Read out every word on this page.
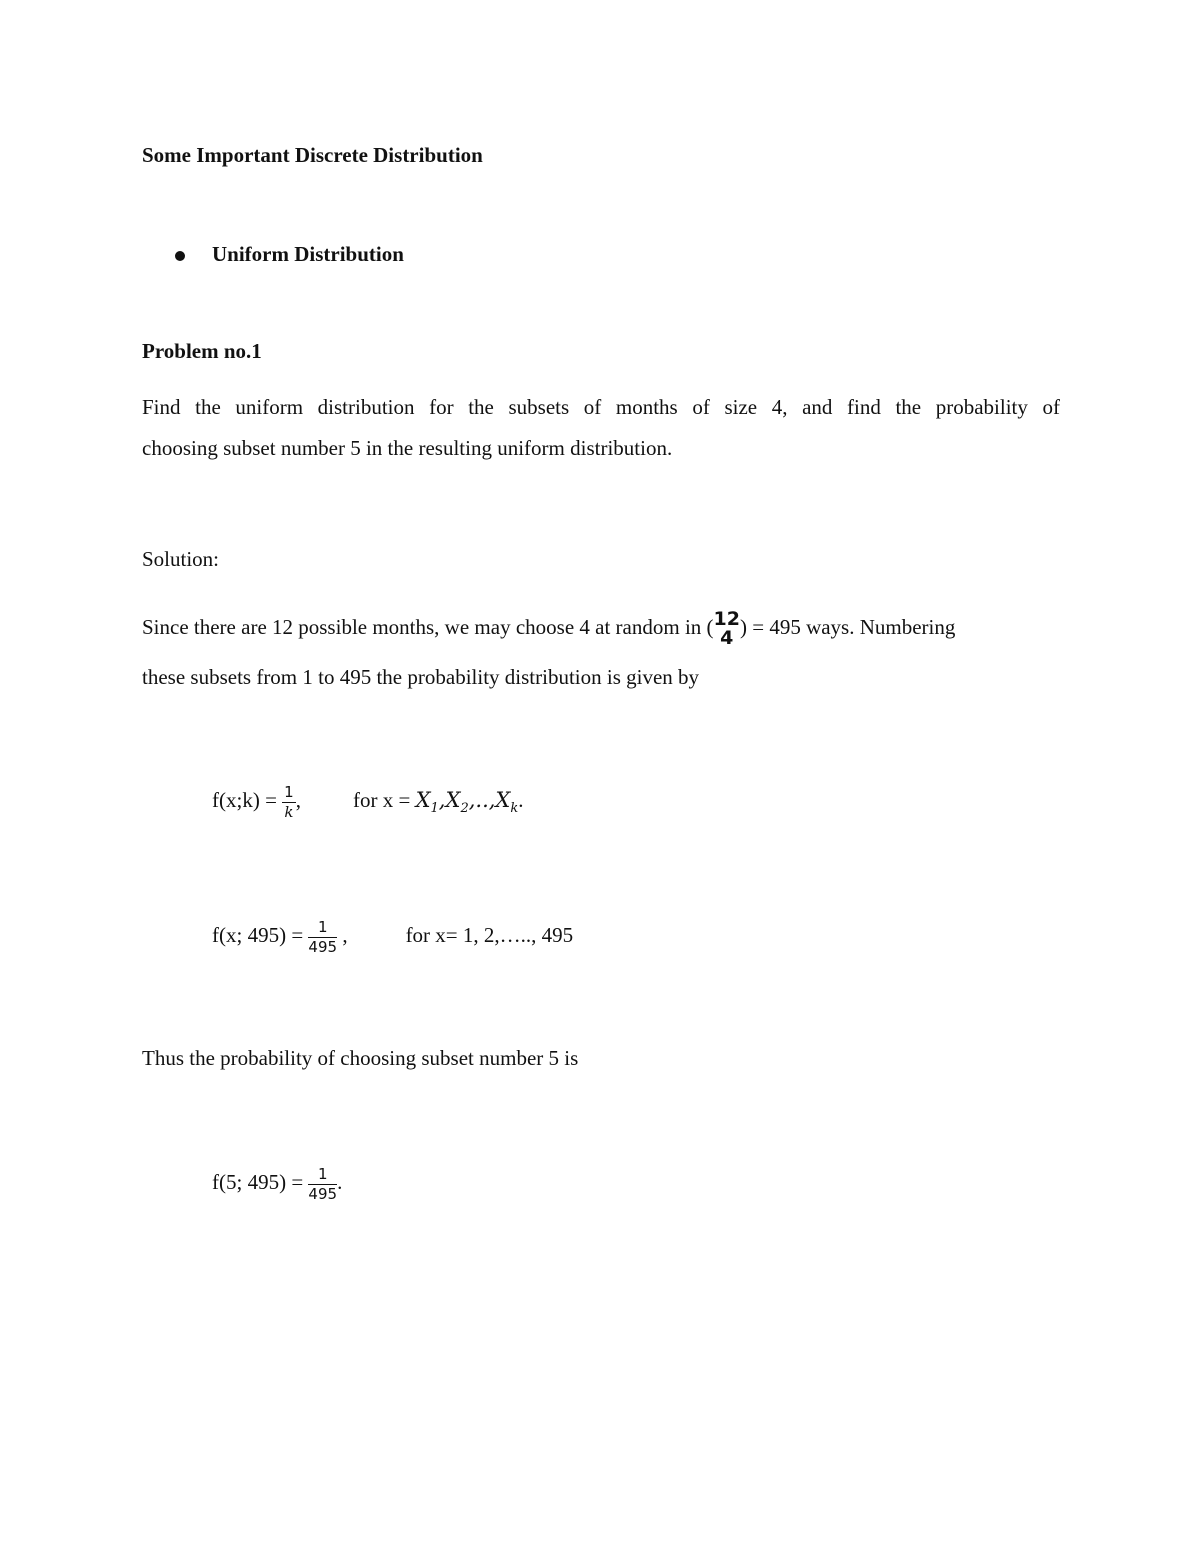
Some Important Discrete Distribution
Uniform Distribution
Problem no.1
Find the uniform distribution for the subsets of months of size 4, and find the probability of
choosing subset number 5 in the resulting uniform distribution.
Solution:
Since there are 12 possible months, we may choose 4 at random in ( 12
4 ) = 495 ways. Numbering
these subsets from 1 to 495 the probability distribution is given by
f(x;k) = $\frac{1}{k}$ , for $x = X_1,X_2,..,X_k$.
f(x; $495) = \frac{1}{495}$ ,	for x= 1, 2,….., 495
Thus the probability of choosing subset number 5 is
f(5; $495) = \frac{1}{495}$ .
